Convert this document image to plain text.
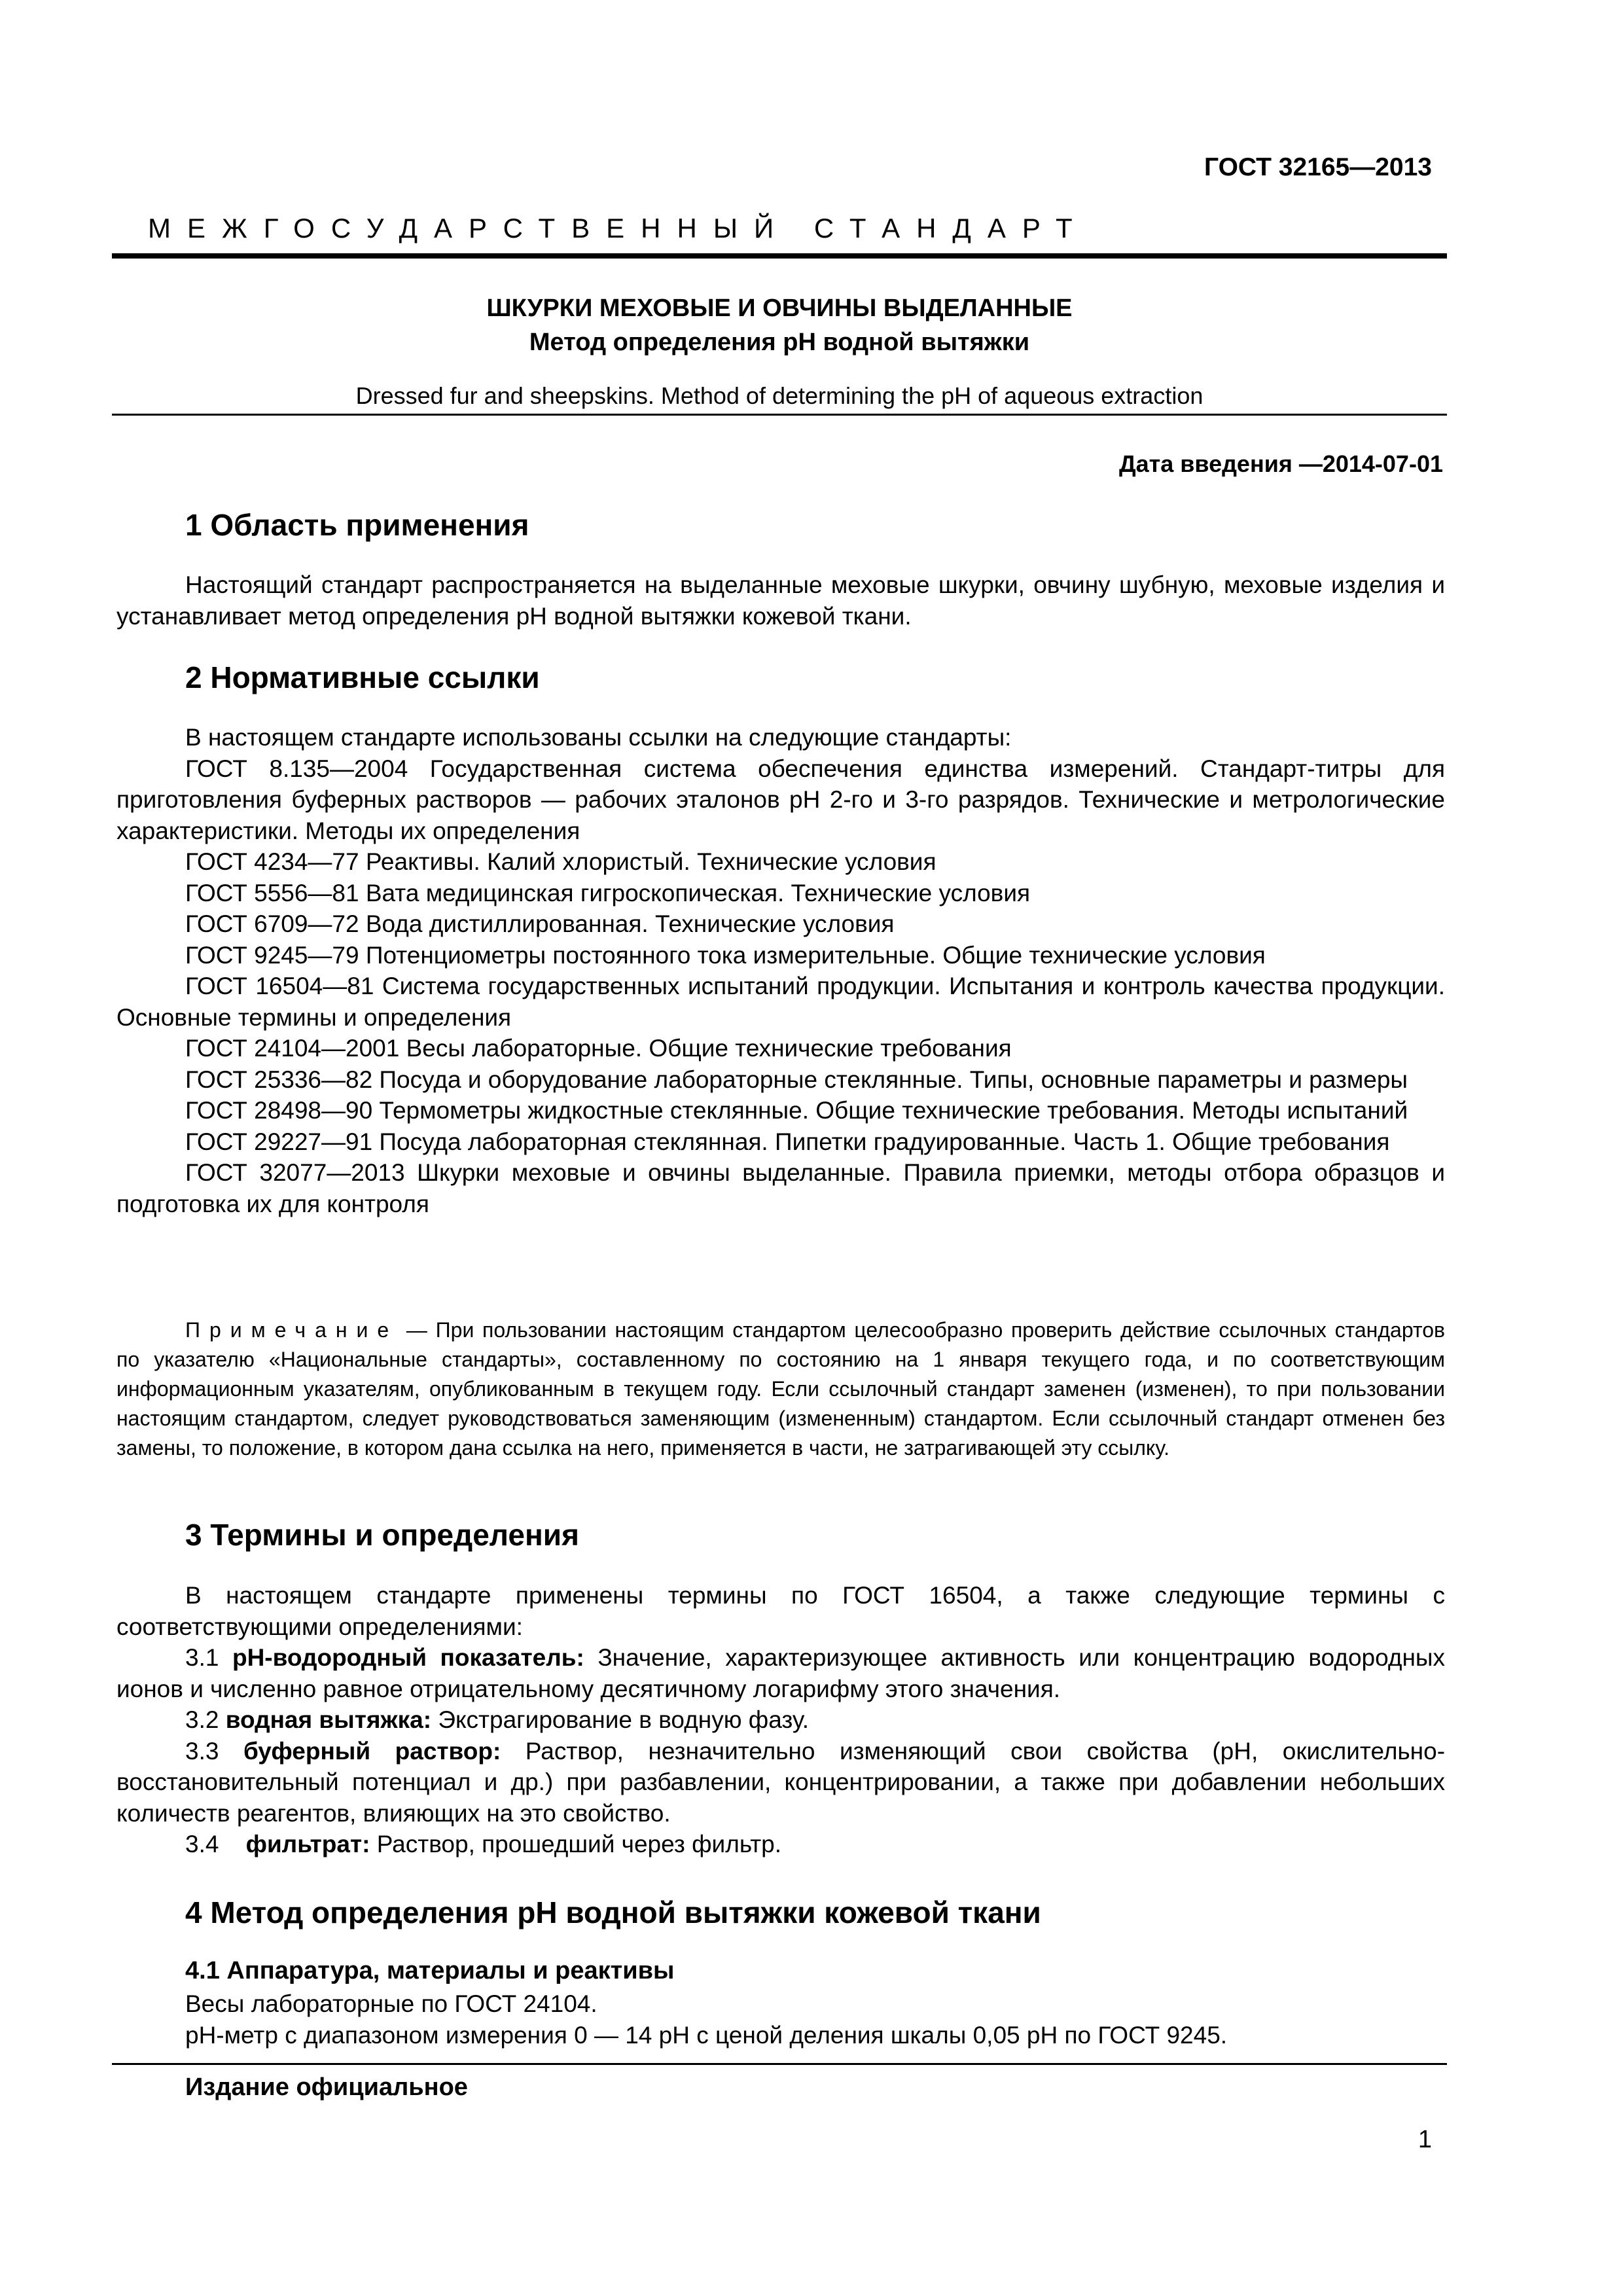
ГОСТ 32165—2013
МЕЖГОСУДАРСТВЕННЫЙ СТАНДАРТ
ШКУРКИ МЕХОВЫЕ И ОВЧИНЫ ВЫДЕЛАННЫЕ
Метод определения pH водной вытяжки
Dressed fur and sheepskins. Method of determining the pH of aqueous extraction
Дата введения —2014-07-01
1 Область применения

Настоящий стандарт распространяется на выделанные меховые шкурки, овчину шубную, меховые изделия и устанавливает метод определения pH водной вытяжки кожевой ткани.

2 Нормативные ссылки

В настоящем стандарте использованы ссылки на следующие стандарты:

ГОСТ 8.135—2004 Государственная система обеспечения единства измерений. Стандарт-титры для приготовления буферных растворов — рабочих эталонов pH 2-го и 3-го разрядов. Технические и метрологические характеристики. Методы их определения

ГОСТ 4234—77 Реактивы. Калий хлористый. Технические условия

ГОСТ 5556—81 Вата медицинская гигроскопическая. Технические условия

ГОСТ 6709—72 Вода дистиллированная. Технические условия

ГОСТ 9245—79 Потенциометры постоянного тока измерительные. Общие технические условия

ГОСТ 16504—81 Система государственных испытаний продукции. Испытания и контроль качества продукции. Основные термины и определения

ГОСТ 24104—2001 Весы лабораторные. Общие технические требования

ГОСТ 25336—82 Посуда и оборудование лабораторные стеклянные. Типы, основные параметры и размеры

ГОСТ 28498—90 Термометры жидкостные стеклянные. Общие технические требования. Методы испытаний

ГОСТ 29227—91 Посуда лабораторная стеклянная. Пипетки градуированные. Часть 1. Общие требования

ГОСТ 32077—2013 Шкурки меховые и овчины выделанные. Правила приемки, методы отбора образцов и подготовка их для контроля

Примечание — При пользовании настоящим стандартом целесообразно проверить действие ссылочных стандартов по указателю «Национальные стандарты», составленному по состоянию на 1 января текущего года, и по соответствующим информационным указателям, опубликованным в текущем году. Если ссылочный стандарт заменен (изменен), то при пользовании настоящим стандартом, следует руководствоваться заменяющим (измененным) стандартом. Если ссылочный стандарт отменен без замены, то положение, в котором дана ссылка на него, применяется в части, не затрагивающей эту ссылку.

3 Термины и определения

В настоящем стандарте применены термины по ГОСТ 16504, а также следующие термины с соответствующими определениями:

3.1 pH-водородный показатель: Значение, характеризующее активность или концентрацию водородных ионов и численно равное отрицательному десятичному логарифму этого значения.

3.2 водная вытяжка: Экстрагирование в водную фазу.

3.3 буферный раствор: Раствор, незначительно изменяющий свои свойства (pH, окислительно-восстановительный потенциал и др.) при разбавлении, концентрировании, а также при добавлении небольших количеств реагентов, влияющих на это свойство.

3.4 фильтрат: Раствор, прошедший через фильтр.

4 Метод определения pH водной вытяжки кожевой ткани
4.1 Аппаратура, материалы и реактивы

Весы лабораторные по ГОСТ 24104.

pH-метр с диапазоном измерения 0 — 14 pH с ценой деления шкалы 0,05 pH по ГОСТ 9245.

Издание официальное
1
